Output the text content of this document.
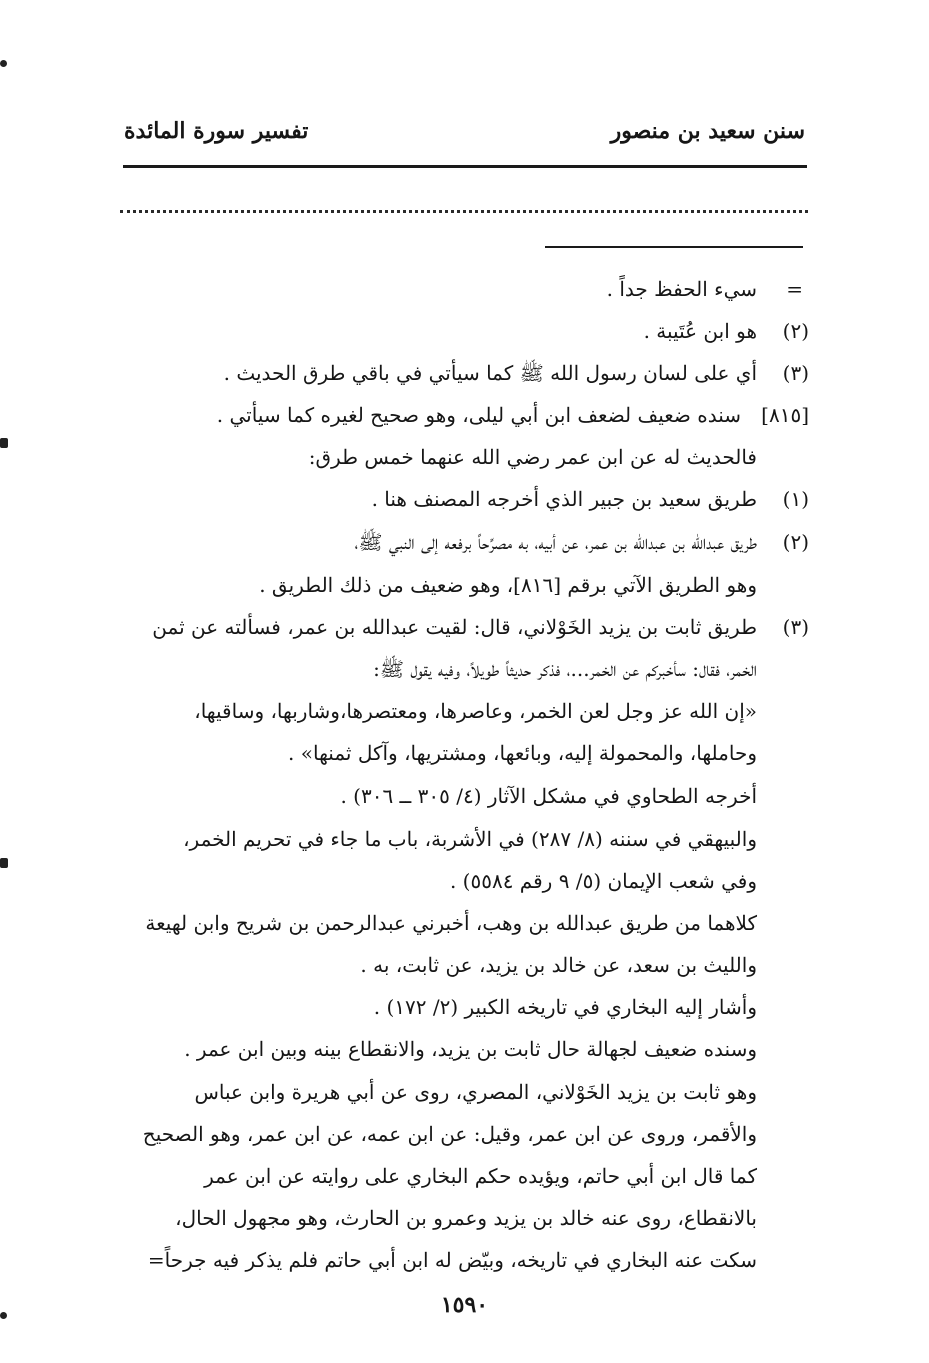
سنن سعيد بن منصور
تفسير سورة المائدة
=
(٢)
(٣)
[٨١٥]
(١)
(٢)
(٣)
سيء الحفظ جداً .
هو ابن عُتَيبة .
أي على لسان رسول الله ﷺ كما سيأتي في باقي طرق الحديث .
سنده ضعيف لضعف ابن أبي ليلى، وهو صحيح لغيره كما سيأتي .
فالحديث له عن ابن عمر رضي الله عنهما خمس طرق:
طريق سعيد بن جبير الذي أخرجه المصنف هنا .
طريق عبدالله بن عبدالله بن عمر، عن أبيه، به مصرِّحاً برفعه إلى النبي ﷺ،
وهو الطريق الآتي برقم [٨١٦]، وهو ضعيف من ذلك الطريق .
طريق ثابت بن يزيد الخَوْلاني، قال: لقيت عبدالله بن عمر، فسألته عن ثمن
الخمر، فقال: سأخبركم عن الخمر...، فذكر حديثاً طويلاً، وفيه يقول ﷺ:
«إن الله عز وجل لعن الخمر، وعاصرها، ومعتصرها،وشاربها، وساقيها،
وحاملها، والمحمولة إليه، وبائعها، ومشتريها، وآكل ثمنها» .
أخرجه الطحاوي في مشكل الآثار (٤/ ٣٠٥ ــ ٣٠٦) .
والبيهقي في سننه (٨/ ٢٨٧) في الأشربة، باب ما جاء في تحريم الخمر،
وفي شعب الإيمان (٥/ ٩ رقم ٥٥٨٤) .
كلاهما من طريق عبدالله بن وهب، أخبرني عبدالرحمن بن شريح وابن لهيعة
والليث بن سعد، عن خالد بن يزيد، عن ثابت، به .
وأشار إليه البخاري في تاريخه الكبير (٢/ ١٧٢) .
وسنده ضعيف لجهالة حال ثابت بن يزيد، والانقطاع بينه وبين ابن عمر .
وهو ثابت بن يزيد الخَوْلاني، المصري، روى عن أبي هريرة وابن عباس
والأقمر، وروى عن ابن عمر، وقيل: عن ابن عمه، عن ابن عمر، وهو الصحيح
كما قال ابن أبي حاتم، ويؤيده حكم البخاري على روايته عن ابن عمر
بالانقطاع، روى عنه خالد بن يزيد وعمرو بن الحارث، وهو مجهول الحال،
سكت عنه البخاري في تاريخه، وبيّض له ابن أبي حاتم فلم يذكر فيه جرحاً=
١٥٩٠
